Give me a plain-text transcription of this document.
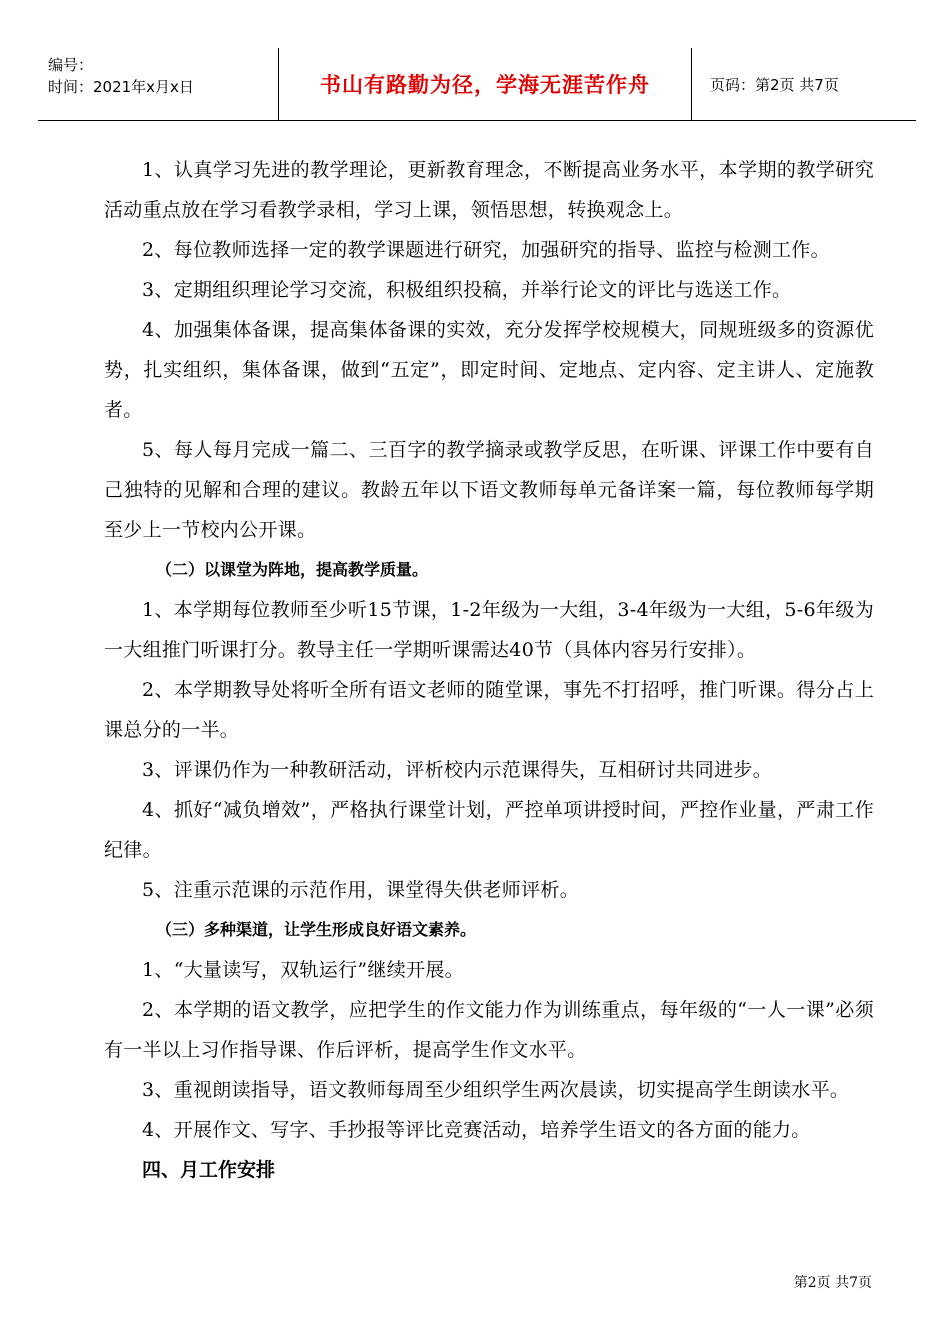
编号：
时间：2021年x月x日	书山有路勤为径，学海无涯苦作舟	页码：第2页 共7页

1、认真学习先进的教学理论，更新教育理念，不断提高业务水平，本学期的教学研究活动重点放在学习看教学录相，学习上课，领悟思想，转换观念上。

2、每位教师选择一定的教学课题进行研究，加强研究的指导、监控与检测工作。

3、定期组织理论学习交流，积极组织投稿，并举行论文的评比与选送工作。

4、加强集体备课，提高集体备课的实效，充分发挥学校规模大，同规班级多的资源优势，扎实组织，集体备课，做到“五定”，即定时间、定地点、定内容、定主讲人、定施教者。

5、每人每月完成一篇二、三百字的教学摘录或教学反思，在听课、评课工作中要有自己独特的见解和合理的建议。教龄五年以下语文教师每单元备详案一篇，每位教师每学期至少上一节校内公开课。

（二）以课堂为阵地，提高教学质量。

1、本学期每位教师至少听15节课，1-2年级为一大组，3-4年级为一大组，5-6年级为一大组推门听课打分。教导主任一学期听课需达40节（具体内容另行安排）。

2、本学期教导处将听全所有语文老师的随堂课，事先不打招呼，推门听课。得分占上课总分的一半。

3、评课仍作为一种教研活动，评析校内示范课得失，互相研讨共同进步。

4、抓好“减负增效”，严格执行课堂计划，严控单项讲授时间，严控作业量，严肃工作纪律。

5、注重示范课的示范作用，课堂得失供老师评析。

（三）多种渠道，让学生形成良好语文素养。

1、“大量读写，双轨运行”继续开展。

2、本学期的语文教学，应把学生的作文能力作为训练重点，每年级的“一人一课”必须有一半以上习作指导课、作后评析，提高学生作文水平。

3、重视朗读指导，语文教师每周至少组织学生两次晨读，切实提高学生朗读水平。

4、开展作文、写字、手抄报等评比竞赛活动，培养学生语文的各方面的能力。

四、月工作安排

第2页 共7页
